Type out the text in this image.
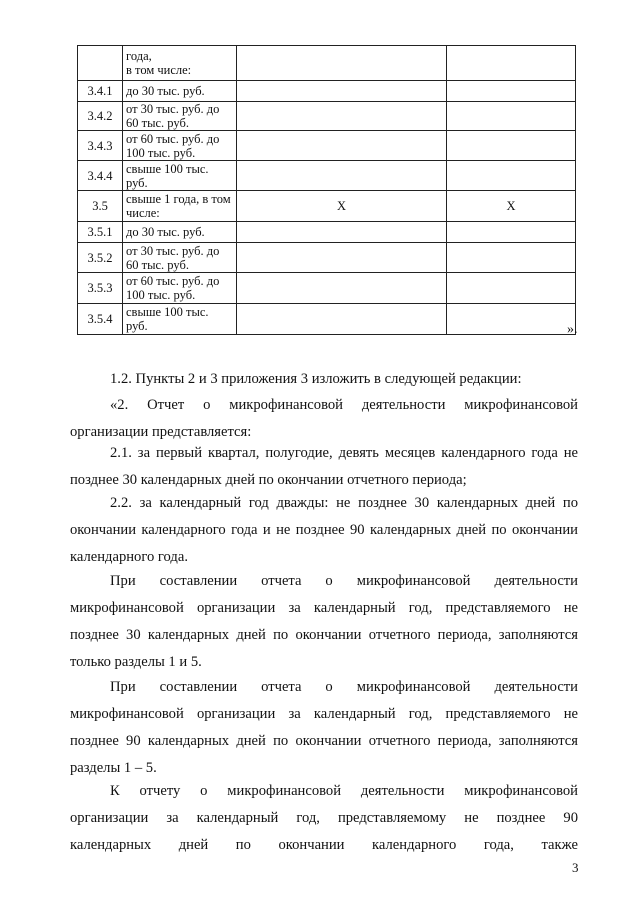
	года,
в том числе:		
3.4.1	до 30 тыс. руб.		
3.4.2	от 30 тыс. руб. до
60 тыс. руб.		
3.4.3	от 60 тыс. руб. до
100 тыс. руб.		
3.4.4	свыше 100 тыс.
руб.		
3.5	свыше 1 года, в том
числе:	X	X
3.5.1	до 30 тыс. руб.		
3.5.2	от 30 тыс. руб. до
60 тыс. руб.		
3.5.3	от 60 тыс. руб. до
100 тыс. руб.		
3.5.4	свыше 100 тыс.
руб.			».

1.2. Пункты 2 и 3 приложения 3 изложить в следующей редакции:

«2. Отчет о микрофинансовой деятельности микрофинансовой
организации представляется:
2.1. за первый квартал, полугодие, девять месяцев календарного года не
позднее 30 календарных дней по окончании отчетного периода;
2.2. за календарный год дважды: не позднее 30 календарных дней по
окончании календарного года и не позднее 90 календарных дней по окончании
календарного года.
При составлении отчета о микрофинансовой деятельности
микрофинансовой организации за календарный год, представляемого не
позднее 30 календарных дней по окончании отчетного периода, заполняются
только разделы 1 и 5.
При составлении отчета о микрофинансовой деятельности
микрофинансовой организации за календарный год, представляемого не
позднее 90 календарных дней по окончании отчетного периода, заполняются
разделы 1 – 5.
К отчету о микрофинансовой деятельности микрофинансовой
организации за календарный год, представляемому не позднее 90
календарных дней по окончании календарного года, также
3
